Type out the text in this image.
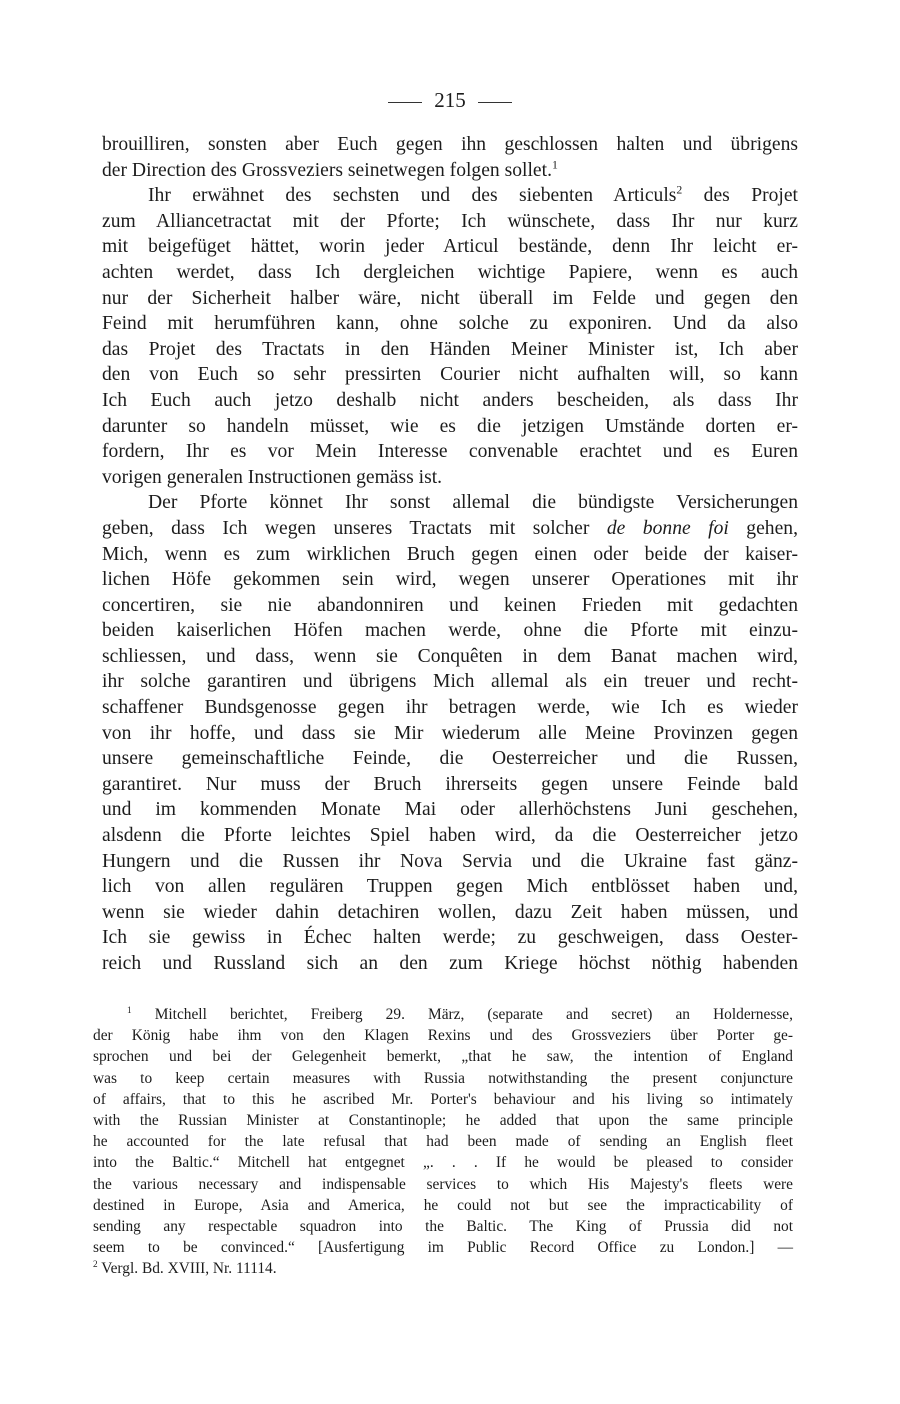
215
brouilliren, sonsten aber Euch gegen ihn geschlossen halten und übrigens
der Direction des Grossveziers seinetwegen folgen sollet.$^1$
Ihr erwähnet des sechsten und des siebenten Articuls$^2$ des Projet
zum Alliancetractat mit der Pforte; Ich wünschete, dass Ihr nur kurz
mit beigefüget hättet, worin jeder Articul bestände, denn Ihr leicht er-
achten werdet, dass Ich dergleichen wichtige Papiere, wenn es auch
nur der Sicherheit halber wäre, nicht überall im Felde und gegen den
Feind mit herumführen kann, ohne solche zu exponiren. Und da also
das Projet des Tractats in den Händen Meiner Minister ist, Ich aber
den von Euch so sehr pressirten Courier nicht aufhalten will, so kann
Ich Euch auch jetzo deshalb nicht anders bescheiden, als dass Ihr
darunter so handeln müsset, wie es die jetzigen Umstände dorten er-
fordern, Ihr es vor Mein Interesse convenable erachtet und es Euren
vorigen generalen Instructionen gemäss ist.
Der Pforte könnet Ihr sonst allemal die bündigste Versicherungen
geben, dass Ich wegen unseres Tractats mit solcher de bonne foi gehen,
Mich, wenn es zum wirklichen Bruch gegen einen oder beide der kaiser-
lichen Höfe gekommen sein wird, wegen unserer Operationes mit ihr
concertiren, sie nie abandonniren und keinen Frieden mit gedachten
beiden kaiserlichen Höfen machen werde, ohne die Pforte mit einzu-
schliessen, und dass, wenn sie Conquêten in dem Banat machen wird,
ihr solche garantiren und übrigens Mich allemal als ein treuer und recht-
schaffener Bundsgenosse gegen ihr betragen werde, wie Ich es wieder
von ihr hoffe, und dass sie Mir wiederum alle Meine Provinzen gegen
unsere gemeinschaftliche Feinde, die Oesterreicher und die Russen,
garantiret. Nur muss der Bruch ihrerseits gegen unsere Feinde bald
und im kommenden Monate Mai oder allerhöchstens Juni geschehen,
alsdenn die Pforte leichtes Spiel haben wird, da die Oesterreicher jetzo
Hungern und die Russen ihr Nova Servia und die Ukraine fast gänz-
lich von allen regulären Truppen gegen Mich entblösset haben und,
wenn sie wieder dahin detachiren wollen, dazu Zeit haben müssen, und
Ich sie gewiss in Échec halten werde; zu geschweigen, dass Oester-
reich und Russland sich an den zum Kriege höchst nöthig habenden
$^1$ Mitchell berichtet, Freiberg 29. März, (separate and secret) an Holdernesse,
der König habe ihm von den Klagen Rexins und des Grossveziers über Porter ge-
sprochen und bei der Gelegenheit bemerkt, „that he saw, the intention of England
was to keep certain measures with Russia notwithstanding the present conjuncture
of affairs, that to this he ascribed Mr. Porter's behaviour and his living so intimately
with the Russian Minister at Constantinople; he added that upon the same principle
he accounted for the late refusal that had been made of sending an English fleet
into the Baltic.“ Mitchell hat entgegnet „. . . If he would be pleased to consider
the various necessary and indispensable services to which His Majesty's fleets were
destined in Europe, Asia and America, he could not but see the impracticability of
sending any respectable squadron into the Baltic. The King of Prussia did not
seem to be convinced.“ [Ausfertigung im Public Record Office zu London.] —
$^2$ Vergl. Bd. XVIII, Nr. 11114.
